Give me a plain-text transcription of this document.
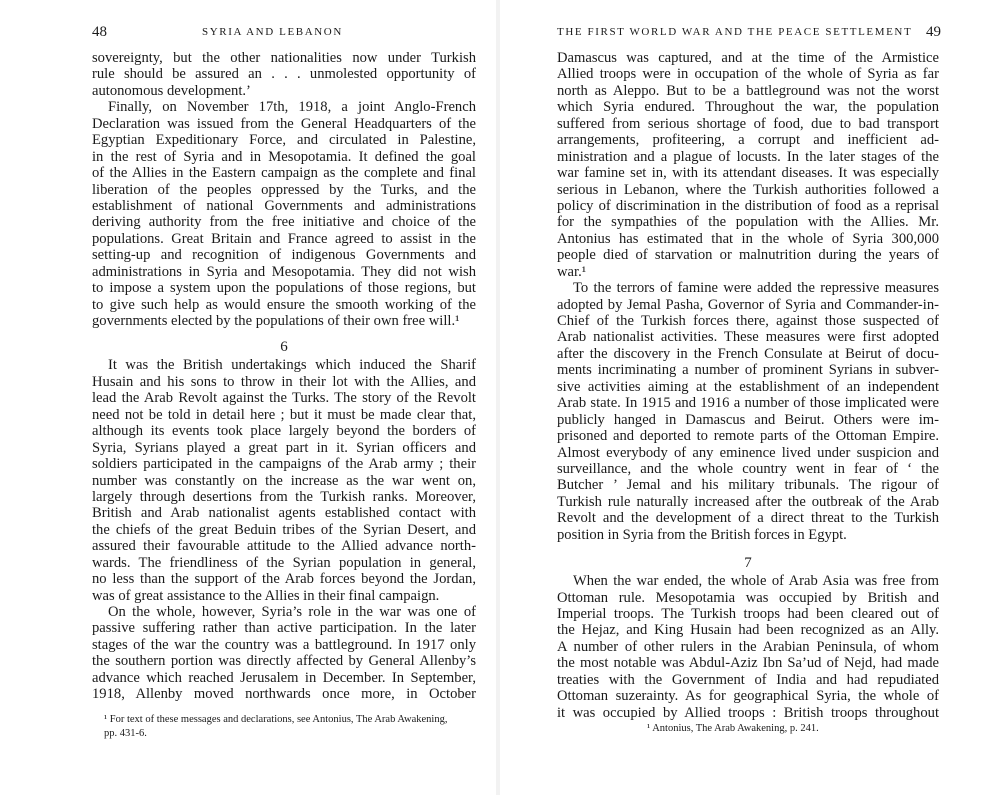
48	SYRIA AND LEBANON
sovereignty, but the other nationalities now under Turkish
rule should be assured an . . . unmolested opportunity of
autonomous development.’
Finally, on November 17th, 1918, a joint Anglo-French
Declaration was issued from the General Headquarters of the
Egyptian Expeditionary Force, and circulated in Palestine,
in the rest of Syria and in Mesopotamia. It defined the goal
of the Allies in the Eastern campaign as the complete and final
liberation of the peoples oppressed by the Turks, and the
establishment of national Governments and administrations
deriving authority from the free initiative and choice of the
populations. Great Britain and France agreed to assist in the
setting-up and recognition of indigenous Governments and
administrations in Syria and Mesopotamia. They did not wish
to impose a system upon the populations of those regions, but
to give such help as would ensure the smooth working of the
governments elected by the populations of their own free will.¹
6
It was the British undertakings which induced the Sharif
Husain and his sons to throw in their lot with the Allies, and
lead the Arab Revolt against the Turks. The story of the Revolt
need not be told in detail here ; but it must be made clear that,
although its events took place largely beyond the borders of
Syria, Syrians played a great part in it. Syrian officers and
soldiers participated in the campaigns of the Arab army ; their
number was constantly on the increase as the war went on,
largely through desertions from the Turkish ranks. Moreover,
British and Arab nationalist agents established contact with
the chiefs of the great Beduin tribes of the Syrian Desert, and
assured their favourable attitude to the Allied advance north-
wards. The friendliness of the Syrian population in general,
no less than the support of the Arab forces beyond the Jordan,
was of great assistance to the Allies in their final campaign.
On the whole, however, Syria’s role in the war was one of
passive suffering rather than active participation. In the later
stages of the war the country was a battleground. In 1917 only
the southern portion was directly affected by General Allenby’s
advance which reached Jerusalem in December. In September,
1918, Allenby moved northwards once more, in October
¹ For text of these messages and declarations, see Antonius, The Arab Awakening,
pp. 431-6.
THE FIRST WORLD WAR AND THE PEACE SETTLEMENT 49
Damascus was captured, and at the time of the Armistice
Allied troops were in occupation of the whole of Syria as far
north as Aleppo. But to be a battleground was not the worst
which Syria endured. Throughout the war, the population
suffered from serious shortage of food, due to bad transport
arrangements, profiteering, a corrupt and inefficient ad-
ministration and a plague of locusts. In the later stages of the
war famine set in, with its attendant diseases. It was especially
serious in Lebanon, where the Turkish authorities followed a
policy of discrimination in the distribution of food as a reprisal
for the sympathies of the population with the Allies. Mr.
Antonius has estimated that in the whole of Syria 300,000
people died of starvation or malnutrition during the years of
war.¹
To the terrors of famine were added the repressive measures
adopted by Jemal Pasha, Governor of Syria and Commander-in-
Chief of the Turkish forces there, against those suspected of
Arab nationalist activities. These measures were first adopted
after the discovery in the French Consulate at Beirut of docu-
ments incriminating a number of prominent Syrians in subver-
sive activities aiming at the establishment of an independent
Arab state. In 1915 and 1916 a number of those implicated were
publicly hanged in Damascus and Beirut. Others were im-
prisoned and deported to remote parts of the Ottoman Empire.
Almost everybody of any eminence lived under suspicion and
surveillance, and the whole country went in fear of ‘ the
Butcher ’ Jemal and his military tribunals. The rigour of
Turkish rule naturally increased after the outbreak of the Arab
Revolt and the development of a direct threat to the Turkish
position in Syria from the British forces in Egypt.
7
When the war ended, the whole of Arab Asia was free from
Ottoman rule. Mesopotamia was occupied by British and
Imperial troops. The Turkish troops had been cleared out of
the Hejaz, and King Husain had been recognized as an Ally.
A number of other rulers in the Arabian Peninsula, of whom
the most notable was Abdul-Aziz Ibn Sa’ud of Nejd, had made
treaties with the Government of India and had repudiated
Ottoman suzerainty. As for geographical Syria, the whole of
it was occupied by Allied troops : British troops throughout
¹ Antonius, The Arab Awakening, p. 241.
